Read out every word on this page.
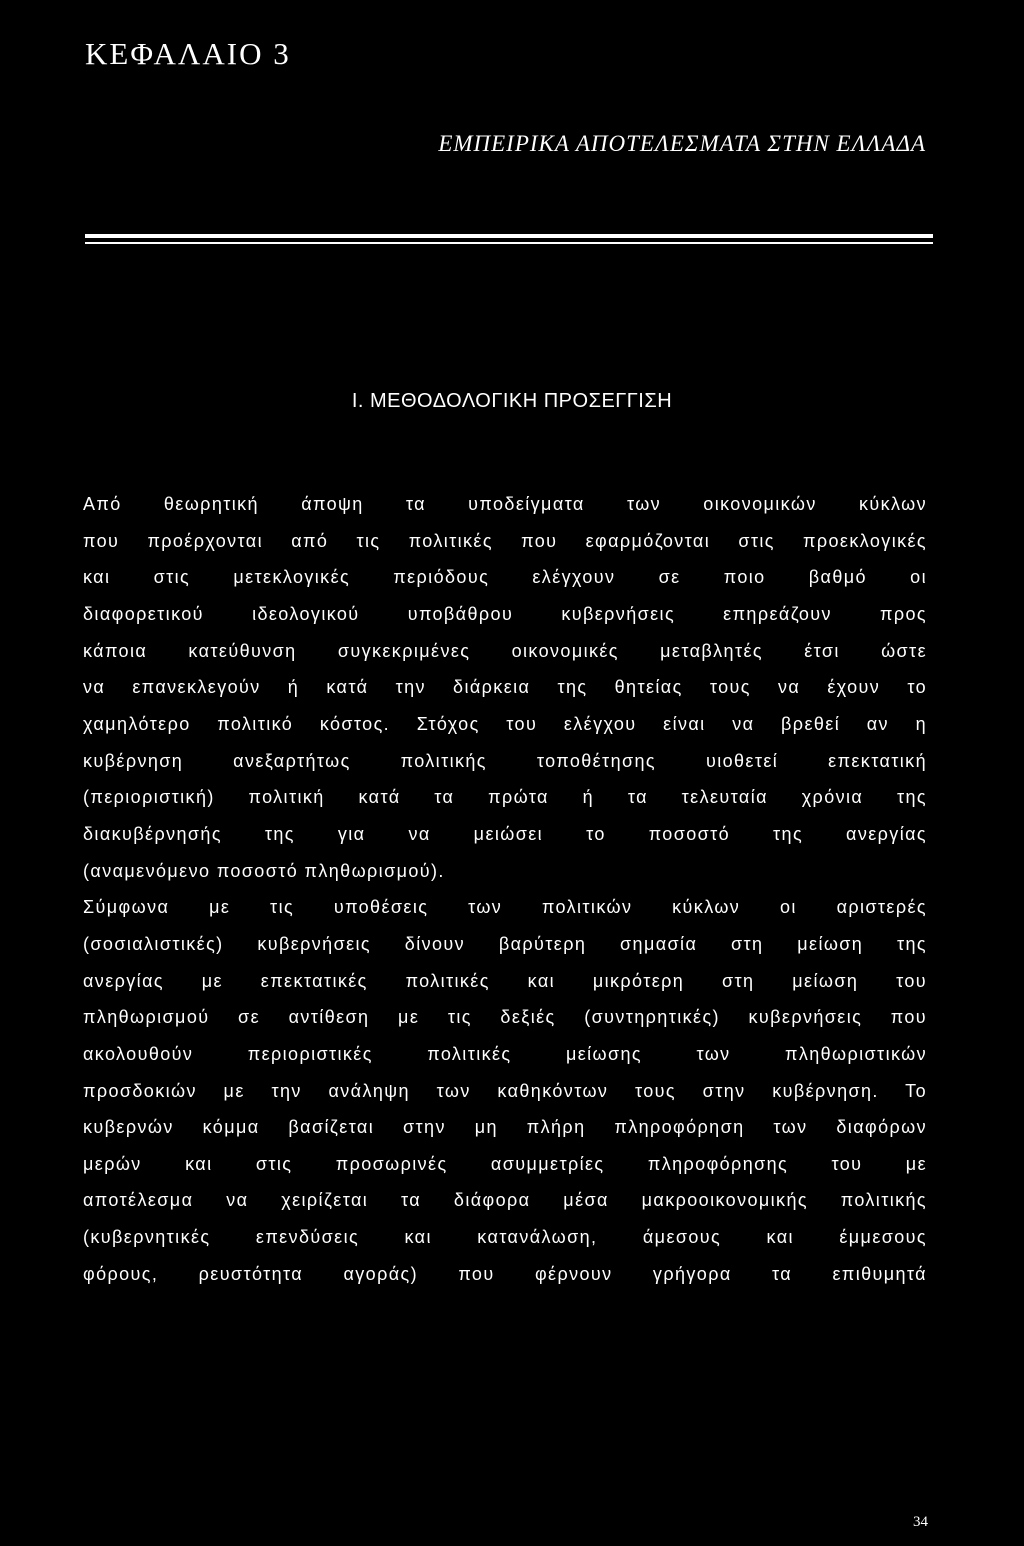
ΚΕΦΑΛΑΙΟ 3
ΕΜΠΕΙΡΙΚΑ ΑΠΟΤΕΛΕΣΜΑΤΑ ΣΤΗΝ ΕΛΛΑΔΑ
Ι. ΜΕΘΟΔΟΛΟΓΙΚΗ ΠΡΟΣΕΓΓΙΣΗ
Από θεωρητική άποψη τα υποδείγματα των οικονομικών κύκλων
που προέρχονται από τις πολιτικές που εφαρμόζονται στις προεκλογικές
και στις μετεκλογικές περιόδους ελέγχουν σε ποιο βαθμό οι
διαφορετικού ιδεολογικού υποβάθρου κυβερνήσεις επηρεάζουν προς
κάποια κατεύθυνση συγκεκριμένες οικονομικές μεταβλητές έτσι ώστε
να επανεκλεγούν ή κατά την διάρκεια της θητείας τους να έχουν το
χαμηλότερο πολιτικό κόστος. Στόχος του ελέγχου είναι να βρεθεί αν η
κυβέρνηση ανεξαρτήτως πολιτικής τοποθέτησης υιοθετεί επεκτατική
(περιοριστική) πολιτική κατά τα πρώτα ή τα τελευταία χρόνια της
διακυβέρνησής της για να μειώσει το ποσοστό της ανεργίας
(αναμενόμενο ποσοστό πληθωρισμού).
Σύμφωνα με τις υποθέσεις των πολιτικών κύκλων οι αριστερές
(σοσιαλιστικές) κυβερνήσεις δίνουν βαρύτερη σημασία στη μείωση της
ανεργίας με επεκτατικές πολιτικές και μικρότερη στη μείωση του
πληθωρισμού σε αντίθεση με τις δεξιές (συντηρητικές) κυβερνήσεις που
ακολουθούν περιοριστικές πολιτικές μείωσης των πληθωριστικών
προσδοκιών με την ανάληψη των καθηκόντων τους στην κυβέρνηση. Το
κυβερνών κόμμα βασίζεται στην μη πλήρη πληροφόρηση των διαφόρων
μερών και στις προσωρινές ασυμμετρίες πληροφόρησης του με
αποτέλεσμα να χειρίζεται τα διάφορα μέσα μακροοικονομικής πολιτικής
(κυβερνητικές επενδύσεις και κατανάλωση, άμεσους και έμμεσους
φόρους, ρευστότητα αγοράς) που φέρνουν γρήγορα τα επιθυμητά
34
